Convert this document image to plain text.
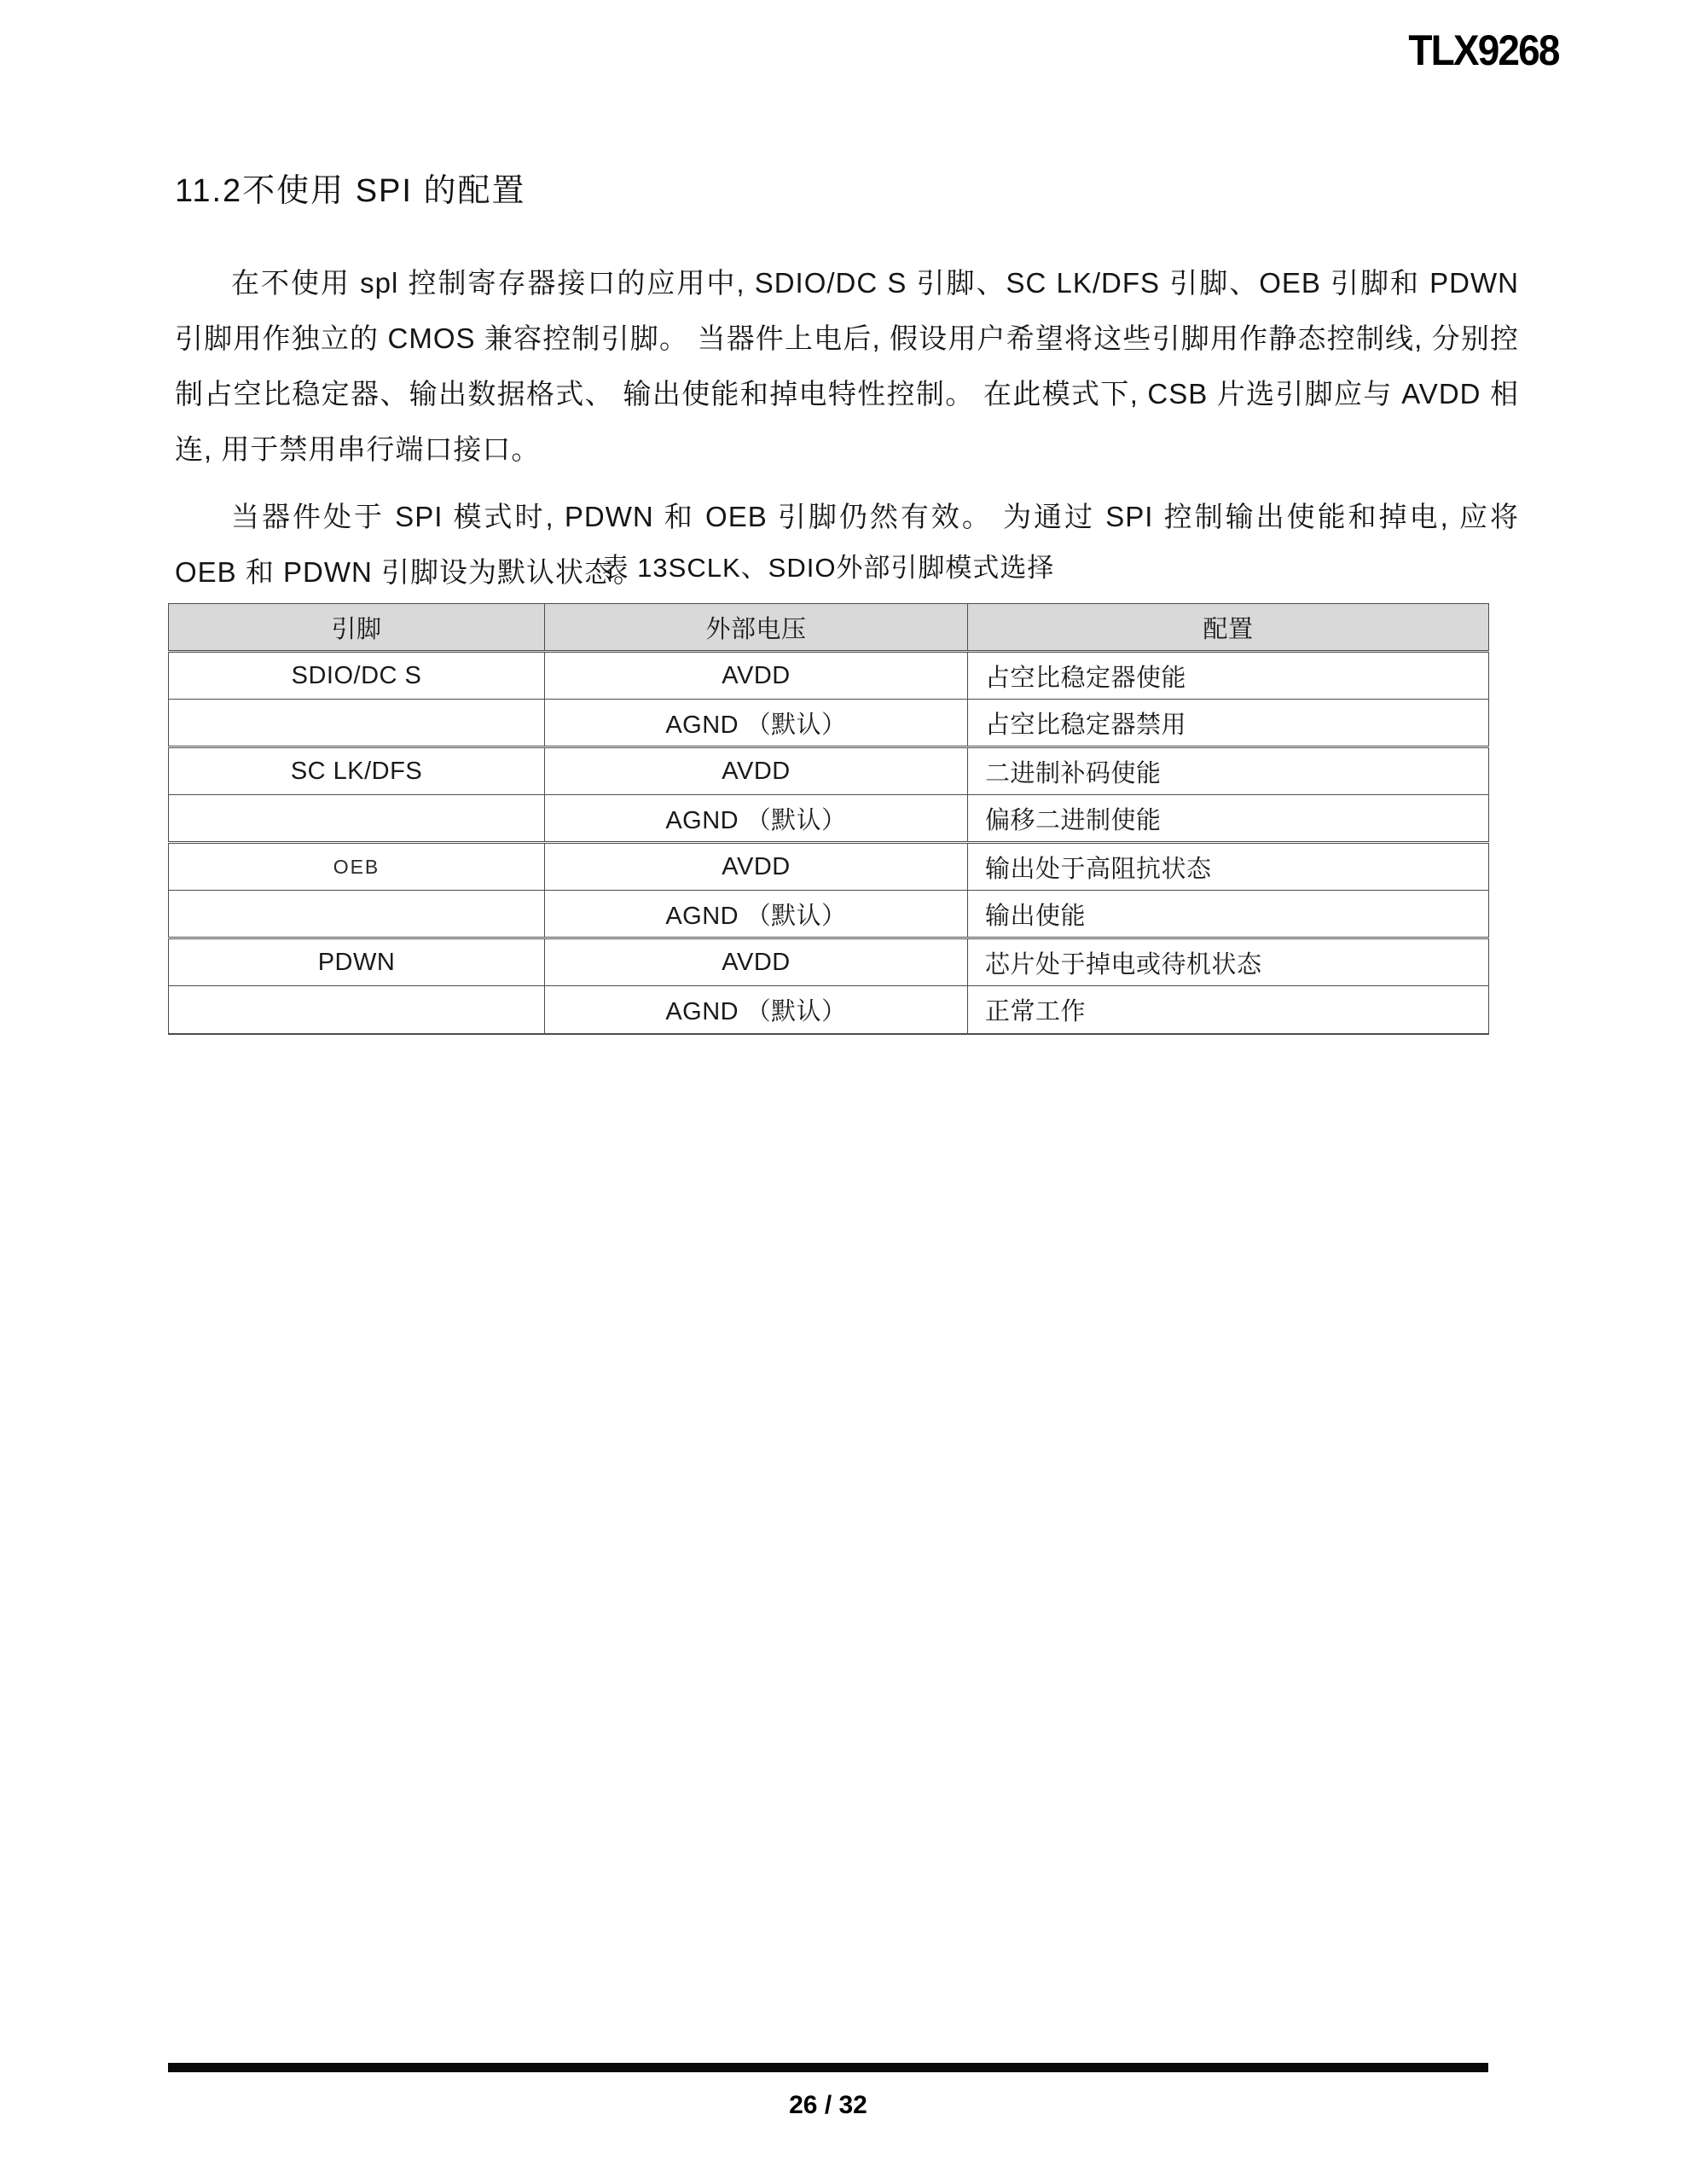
TLX9268
11.2不使用 SPI 的配置

在不使用 spl 控制寄存器接口的应用中, SDIO/DC S 引脚、SC LK/DFS 引脚、OEB 引脚和 PDWN 引脚用作独立的 CMOS 兼容控制引脚。 当器件上电后, 假设用户希望将这些引脚用作静态控制线, 分别控制占空比稳定器、输出数据格式、 输出使能和掉电特性控制。 在此模式下, CSB 片选引脚应与 AVDD 相连, 用于禁用串行端口接口。

当器件处于 SPI 模式时, PDWN 和 OEB 引脚仍然有效。 为通过 SPI 控制输出使能和掉电, 应将 OEB 和 PDWN 引脚设为默认状态。

表 13SCLK、SDIO外部引脚模式选择
引脚	外部电压	配置
SDIO/DC S	AVDD	占空比稳定器使能
	AGND （默认）	占空比稳定器禁用
SC LK/DFS	AVDD	二进制补码使能
	AGND （默认）	偏移二进制使能
OEB	AVDD	输出处于高阻抗状态
	AGND （默认）	输出使能
PDWN	AVDD	芯片处于掉电或待机状态
	AGND （默认）	正常工作
26 / 32
